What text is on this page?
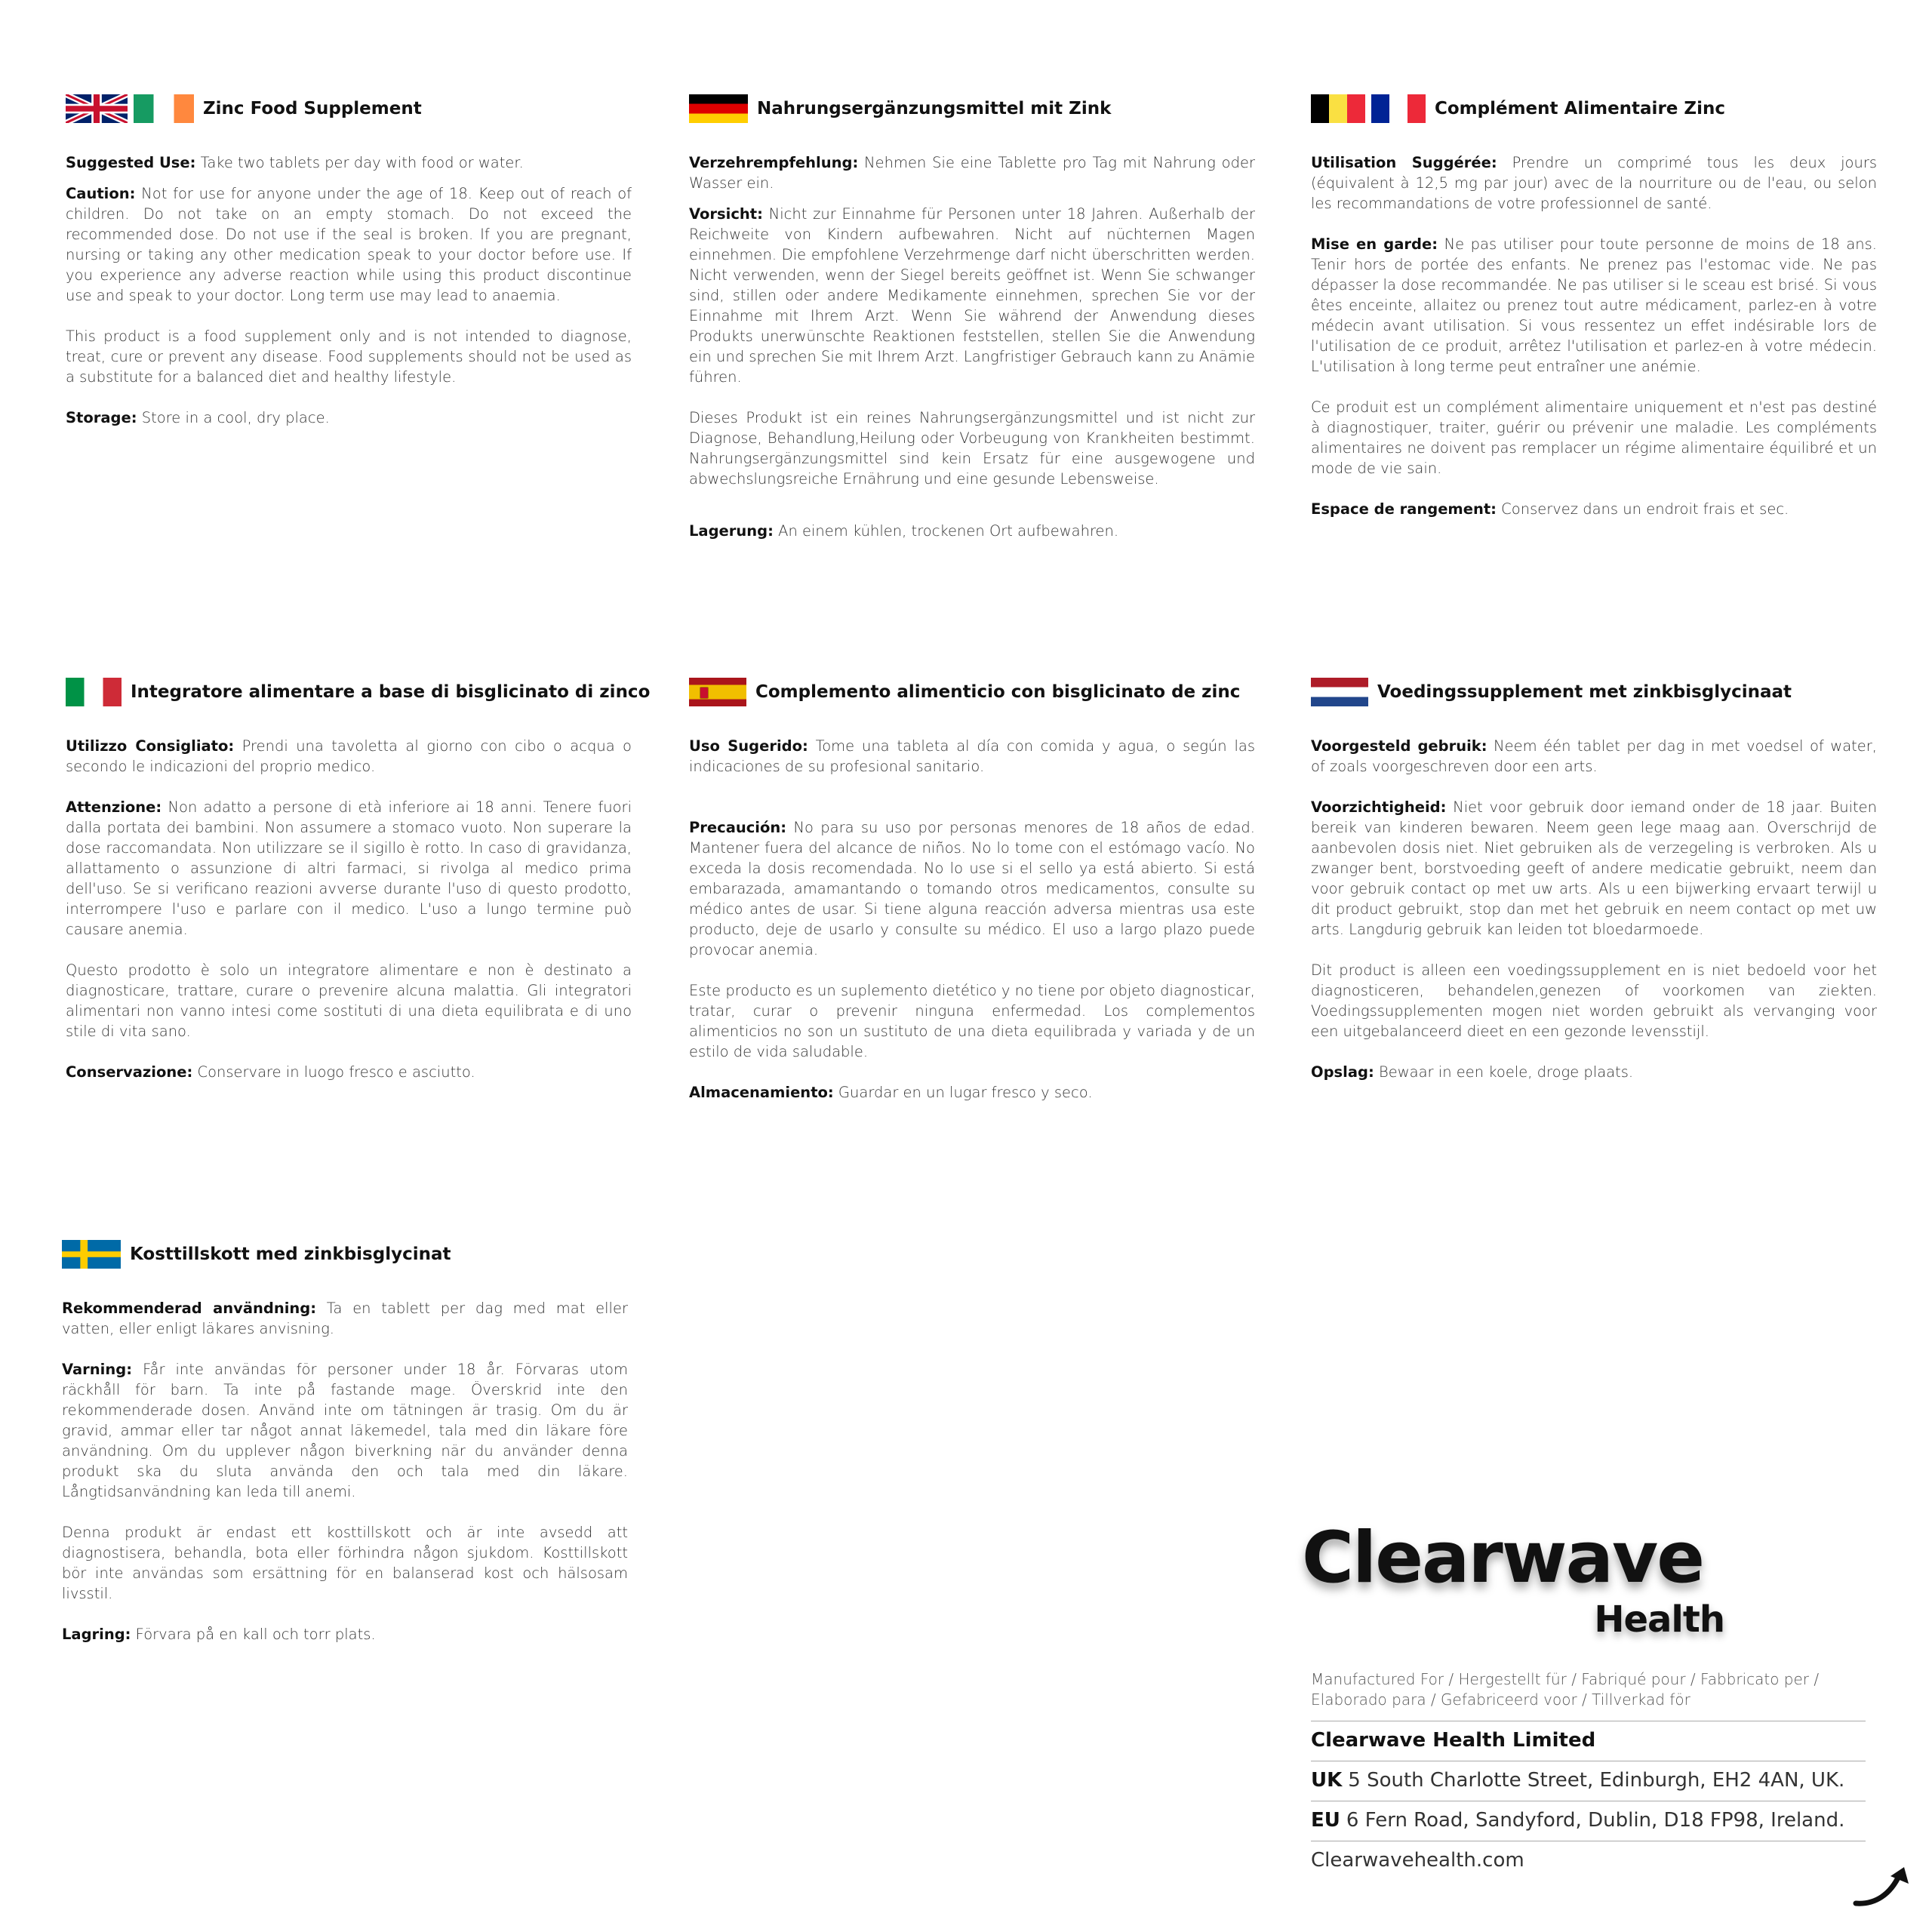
Zinc Food Supplement

Suggested Use: Take two tablets per day with food or water.

Caution: Not for use for anyone under the age of 18. Keep out of reach of children. Do not take on an empty stomach. Do not exceed the recommended dose. Do not use if the seal is broken. If you are pregnant, nursing or taking any other medication speak to your doctor before use. If you experience any adverse reaction while using this product discontinue use and speak to your doctor. Long term use may lead to anaemia.

This product is a food supplement only and is not intended to diagnose, treat, cure or prevent any disease. Food supplements should not be used as a substitute for a balanced diet and healthy lifestyle.

Storage: Store in a cool, dry place.

Nahrungsergänzungsmittel mit Zink

Verzehrempfehlung: Nehmen Sie eine Tablette pro Tag mit Nahrung oder Wasser ein.

Vorsicht: Nicht zur Einnahme für Personen unter 18 Jahren. Außerhalb der Reichweite von Kindern aufbewahren. Nicht auf nüchternen Magen einnehmen. Die empfohlene Verzehrmenge darf nicht überschritten werden. Nicht verwenden, wenn der Siegel bereits geöffnet ist. Wenn Sie schwanger sind, stillen oder andere Medikamente einnehmen, sprechen Sie vor der Einnahme mit Ihrem Arzt. Wenn Sie während der Anwendung dieses Produkts unerwünschte Reaktionen feststellen, stellen Sie die Anwendung ein und sprechen Sie mit Ihrem Arzt. Langfristiger Gebrauch kann zu Anämie führen.

Dieses Produkt ist ein reines Nahrungsergänzungsmittel und ist nicht zur Diagnose, Behandlung,Heilung oder Vorbeugung von Krankheiten bestimmt. Nahrungsergänzungsmittel sind kein Ersatz für eine ausgewogene und abwechslungsreiche Ernährung und eine gesunde Lebensweise.

Lagerung: An einem kühlen, trockenen Ort aufbewahren.

Complément Alimentaire Zinc

Utilisation Suggérée: Prendre un comprimé tous les deux jours (équivalent à 12,5 mg par jour) avec de la nourriture ou de l'eau, ou selon les recommandations de votre professionnel de santé.

Mise en garde: Ne pas utiliser pour toute personne de moins de 18 ans. Tenir hors de portée des enfants. Ne prenez pas l'estomac vide. Ne pas dépasser la dose recommandée. Ne pas utiliser si le sceau est brisé. Si vous êtes enceinte, allaitez ou prenez tout autre médicament, parlez-en à votre médecin avant utilisation. Si vous ressentez un effet indésirable lors de l'utilisation de ce produit, arrêtez l'utilisation et parlez-en à votre médecin. L'utilisation à long terme peut entraîner une anémie.

Ce produit est un complément alimentaire uniquement et n'est pas destiné à diagnostiquer, traiter, guérir ou prévenir une maladie. Les compléments alimentaires ne doivent pas remplacer un régime alimentaire équilibré et un mode de vie sain.

Espace de rangement: Conservez dans un endroit frais et sec.

Integratore alimentare a base di bisglicinato di zinco

Utilizzo Consigliato: Prendi una tavoletta al giorno con cibo o acqua o secondo le indicazioni del proprio medico.

Attenzione: Non adatto a persone di età inferiore ai 18 anni. Tenere fuori dalla portata dei bambini. Non assumere a stomaco vuoto. Non superare la dose raccomandata. Non utilizzare se il sigillo è rotto. In caso di gravidanza, allattamento o assunzione di altri farmaci, si rivolga al medico prima dell'uso. Se si verificano reazioni avverse durante l'uso di questo prodotto, interrompere l'uso e parlare con il medico. L'uso a lungo termine può causare anemia.

Questo prodotto è solo un integratore alimentare e non è destinato a diagnosticare, trattare, curare o prevenire alcuna malattia. Gli integratori alimentari non vanno intesi come sostituti di una dieta equilibrata e di uno stile di vita sano.

Conservazione: Conservare in luogo fresco e asciutto.

Complemento alimenticio con bisglicinato de zinc

Uso Sugerido: Tome una tableta al día con comida y agua, o según las indicaciones de su profesional sanitario.

Precaución: No para su uso por personas menores de 18 años de edad. Mantener fuera del alcance de niños. No lo tome con el estómago vacío. No exceda la dosis recomendada. No lo use si el sello ya está abierto. Si está embarazada, amamantando o tomando otros medicamentos, consulte su médico antes de usar. Si tiene alguna reacción adversa mientras usa este producto, deje de usarlo y consulte su médico. El uso a largo plazo puede provocar anemia.

Este producto es un suplemento dietético y no tiene por objeto diagnosticar, tratar, curar o prevenir ninguna enfermedad. Los complementos alimenticios no son un sustituto de una dieta equilibrada y variada y de un estilo de vida saludable.

Almacenamiento: Guardar en un lugar fresco y seco.

Voedingssupplement met zinkbisglycinaat

Voorgesteld gebruik: Neem één tablet per dag in met voedsel of water, of zoals voorgeschreven door een arts.

Voorzichtigheid: Niet voor gebruik door iemand onder de 18 jaar. Buiten bereik van kinderen bewaren. Neem geen lege maag aan. Overschrijd de aanbevolen dosis niet. Niet gebruiken als de verzegeling is verbroken. Als u zwanger bent, borstvoeding geeft of andere medicatie gebruikt, neem dan voor gebruik contact op met uw arts. Als u een bijwerking ervaart terwijl u dit product gebruikt, stop dan met het gebruik en neem contact op met uw arts. Langdurig gebruik kan leiden tot bloedarmoede.

Dit product is alleen een voedingssupplement en is niet bedoeld voor het diagnosticeren, behandelen,genezen of voorkomen van ziekten. Voedingssupplementen mogen niet worden gebruikt als vervanging voor een uitgebalanceerd dieet en een gezonde levensstijl.

Opslag: Bewaar in een koele, droge plaats.

Kosttillskott med zinkbisglycinat

Rekommenderad användning: Ta en tablett per dag med mat eller vatten, eller enligt läkares anvisning.

Varning: Får inte användas för personer under 18 år. Förvaras utom räckhåll för barn. Ta inte på fastande mage. Överskrid inte den rekommenderade dosen. Använd inte om tätningen är trasig. Om du är gravid, ammar eller tar något annat läkemedel, tala med din läkare före användning. Om du upplever någon biverkning när du använder denna produkt ska du sluta använda den och tala med din läkare. Långtidsanvändning kan leda till anemi.

Denna produkt är endast ett kosttillskott och är inte avsedd att diagnostisera, behandla, bota eller förhindra någon sjukdom. Kosttillskott bör inte användas som ersättning för en balanserad kost och hälsosam livsstil.

Lagring: Förvara på en kall och torr plats.

Clearwave
Health
Manufactured For / Hergestellt für / Fabriqué pour / Fabbricato per / Elaborado para / Gefabriceerd voor / Tillverkad för
Clearwave Health Limited
UK 5 South Charlotte Street, Edinburgh, EH2 4AN, UK.
EU 6 Fern Road, Sandyford, Dublin, D18 FP98, Ireland.
Clearwavehealth.com
